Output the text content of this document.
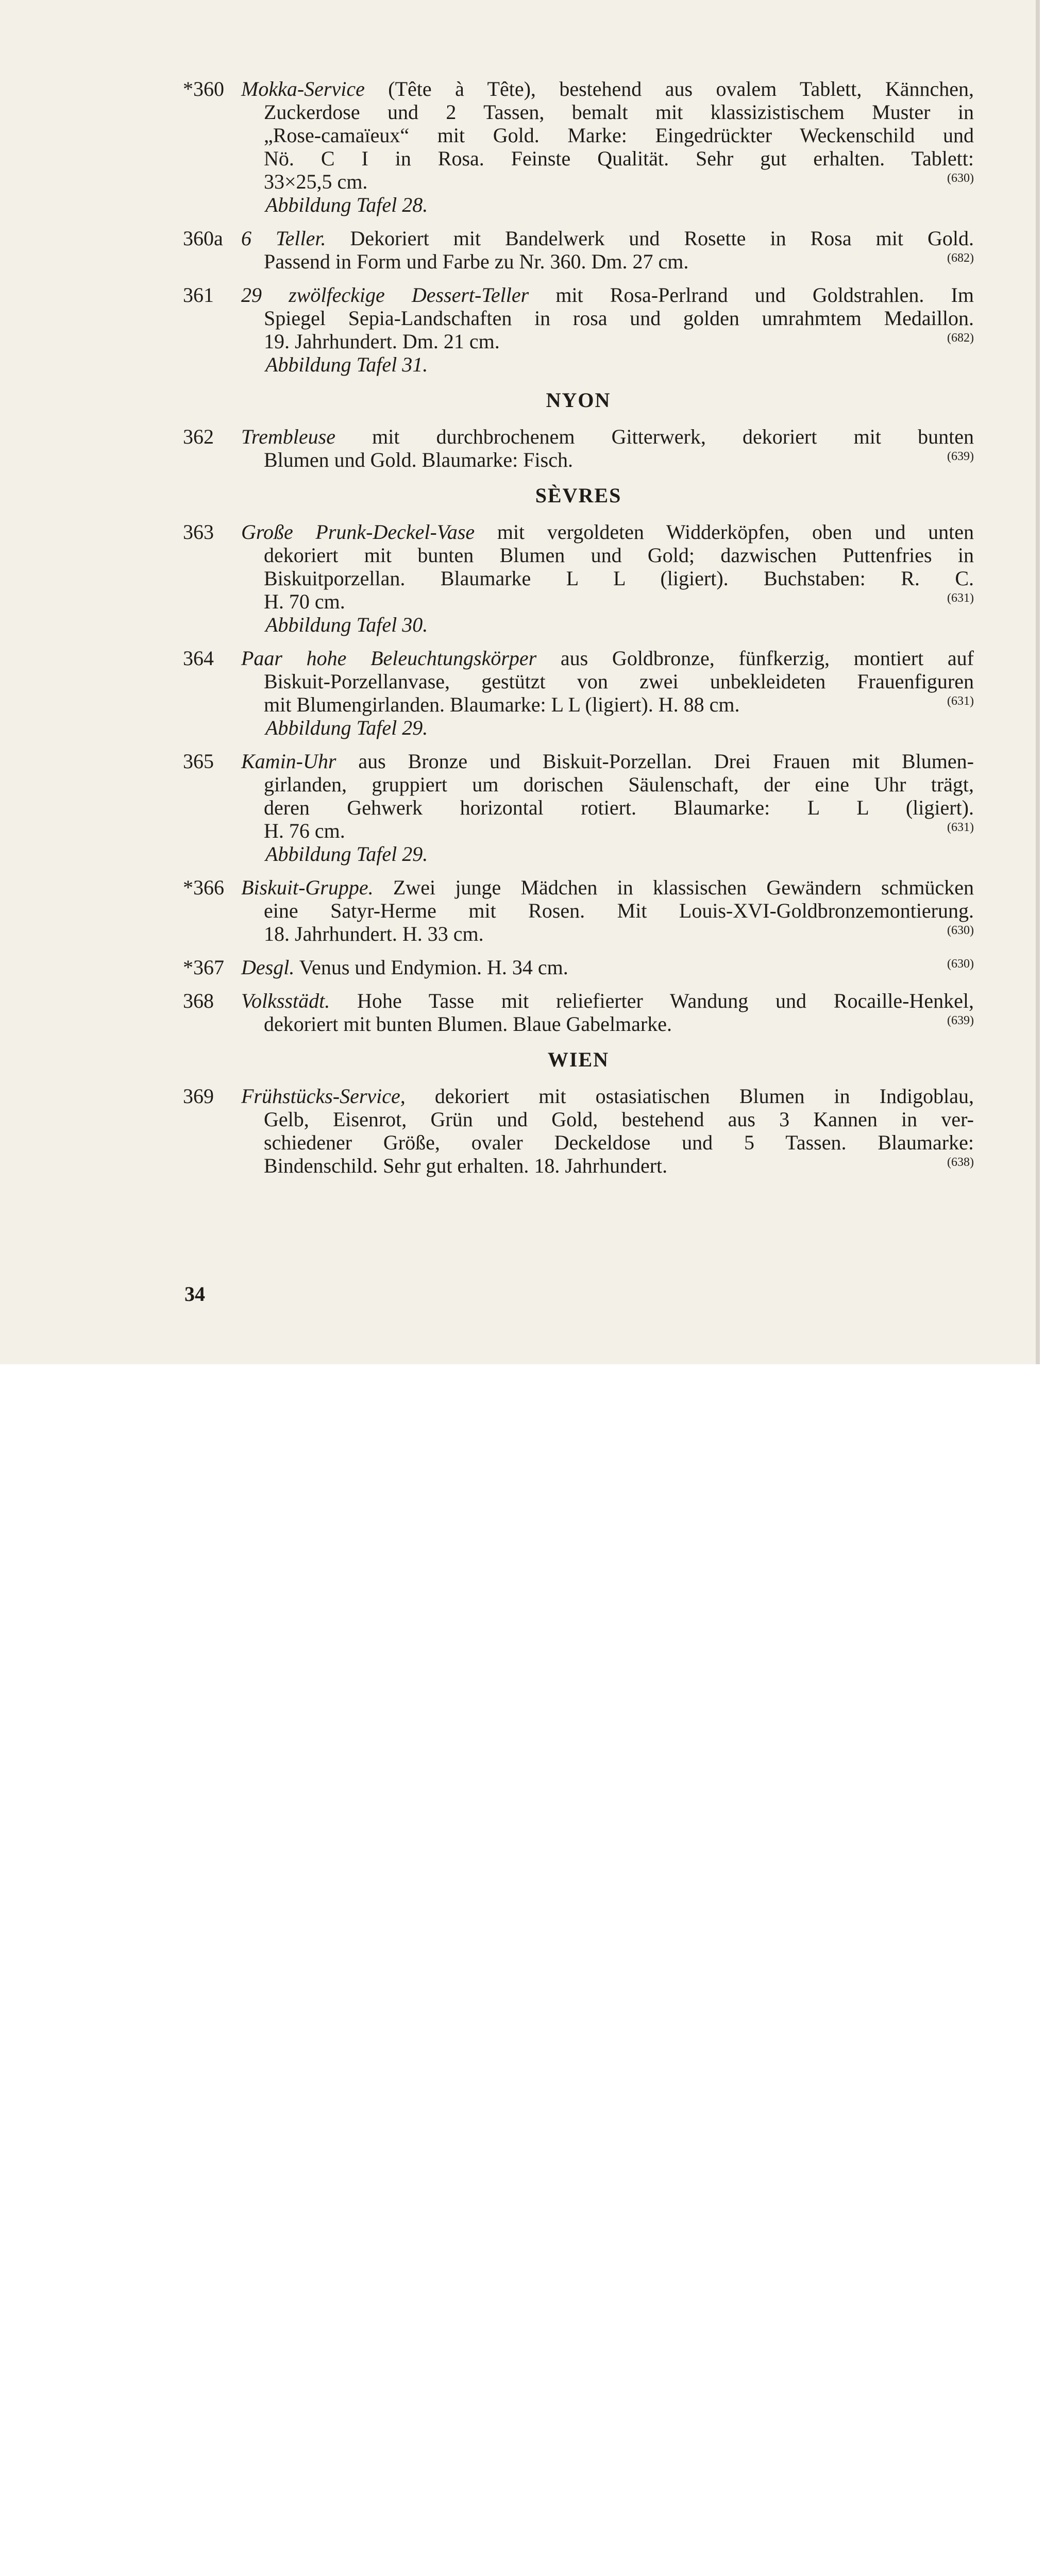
*360 Mokka-Service (Tête à Tête), bestehend aus ovalem Tablett, Kännchen,
Zuckerdose und 2 Tassen, bemalt mit klassizistischem Muster in
„Rose-camaïeux“ mit Gold. Marke: Eingedrückter Weckenschild und
Nö. C I in Rosa. Feinste Qualität. Sehr gut erhalten. Tablett:
33×25,5 cm.	(630)
Abbildung Tafel 28.
360a 6 Teller. Dekoriert mit Bandelwerk und Rosette in Rosa mit Gold.
Passend in Form und Farbe zu Nr. 360. Dm. 27 cm.	(682)
361 29 zwölfeckige Dessert-Teller mit Rosa-Perlrand und Goldstrahlen. Im
Spiegel Sepia-Landschaften in rosa und golden umrahmtem Medaillon.
19. Jahrhundert. Dm. 21 cm.	(682)
Abbildung Tafel 31.
NYON
362 Trembleuse mit durchbrochenem Gitterwerk, dekoriert mit bunten
Blumen und Gold. Blaumarke: Fisch.	(639)
SÈVRES
363 Große Prunk-Deckel-Vase mit vergoldeten Widderköpfen, oben und unten
dekoriert mit bunten Blumen und Gold; dazwischen Puttenfries in
Biskuitporzellan. Blaumarke L L (ligiert). Buchstaben: R. C.
H. 70 cm.	(631)
Abbildung Tafel 30.
364 Paar hohe Beleuchtungskörper aus Goldbronze, fünfkerzig, montiert auf
Biskuit-Porzellanvase, gestützt von zwei unbekleideten Frauenfiguren
mit Blumengirlanden. Blaumarke: L L (ligiert). H. 88 cm.	(631)
Abbildung Tafel 29.
365 Kamin-Uhr aus Bronze und Biskuit-Porzellan. Drei Frauen mit Blumen-
girlanden, gruppiert um dorischen Säulenschaft, der eine Uhr trägt,
deren Gehwerk horizontal rotiert. Blaumarke: L L (ligiert).
H. 76 cm.	(631)
Abbildung Tafel 29.
*366 Biskuit-Gruppe. Zwei junge Mädchen in klassischen Gewändern schmücken
eine Satyr-Herme mit Rosen. Mit Louis-XVI-Goldbronzemontierung.
18. Jahrhundert. H. 33 cm.	(630)
*367 Desgl. Venus und Endymion. H. 34 cm.	(630)
368 Volksstädt. Hohe Tasse mit reliefierter Wandung und Rocaille-Henkel,
dekoriert mit bunten Blumen. Blaue Gabelmarke.	(639)
WIEN
369 Frühstücks-Service, dekoriert mit ostasiatischen Blumen in Indigoblau,
Gelb, Eisenrot, Grün und Gold, bestehend aus 3 Kannen in ver-
schiedener Größe, ovaler Deckeldose und 5 Tassen. Blaumarke:
Bindenschild. Sehr gut erhalten. 18. Jahrhundert.	(638)
34
